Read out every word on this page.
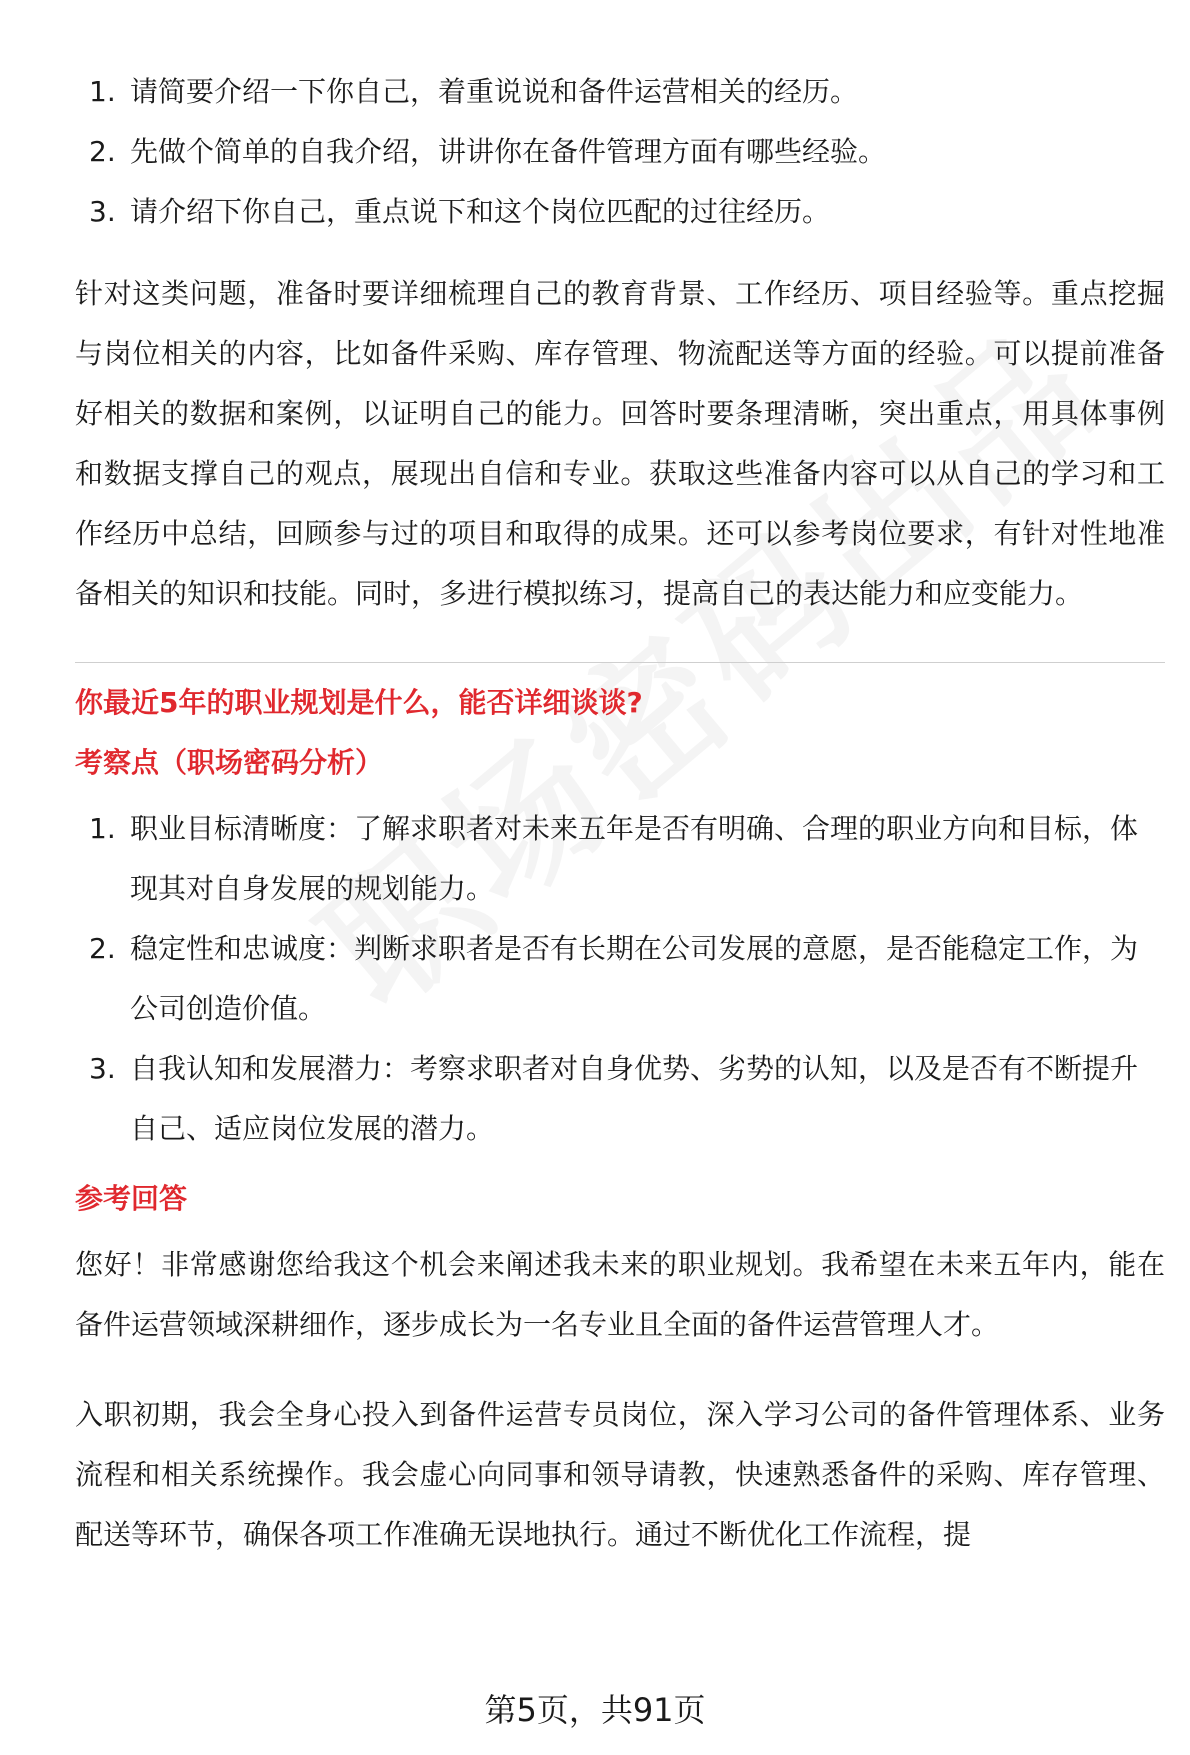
1. 请简要介绍一下你自己，着重说说和备件运营相关的经历。
2. 先做个简单的自我介绍，讲讲你在备件管理方面有哪些经验。
3. 请介绍下你自己，重点说下和这个岗位匹配的过往经历。

针对这类问题，准备时要详细梳理自己的教育背景、工作经历、项目经验等。重点挖掘与岗位相关的内容，比如备件采购、库存管理、物流配送等方面的经验。可以提前准备好相关的数据和案例，以证明自己的能力。回答时要条理清晰，突出重点，用具体事例和数据支撑自己的观点，展现出自信和专业。获取这些准备内容可以从自己的学习和工作经历中总结，回顾参与过的项目和取得的成果。还可以参考岗位要求，有针对性地准备相关的知识和技能。同时，多进行模拟练习，提高自己的表达能力和应变能力。

你最近5年的职业规划是什么，能否详细谈谈?
考察点（职场密码分析）
1. 职业目标清晰度：了解求职者对未来五年是否有明确、合理的职业方向和目标，体现其对自身发展的规划能力。
2. 稳定性和忠诚度：判断求职者是否有长期在公司发展的意愿，是否能稳定工作，为公司创造价值。
3. 自我认知和发展潜力：考察求职者对自身优势、劣势的认知，以及是否有不断提升自己、适应岗位发展的潜力。
参考回答

您好！非常感谢您给我这个机会来阐述我未来的职业规划。我希望在未来五年内，能在备件运营领域深耕细作，逐步成长为一名专业且全面的备件运营管理人才。

入职初期，我会全身心投入到备件运营专员岗位，深入学习公司的备件管理体系、业务流程和相关系统操作。我会虚心向同事和领导请教，快速熟悉备件的采购、库存管理、配送等环节，确保各项工作准确无误地执行。通过不断优化工作流程，提

第5页，共91页
